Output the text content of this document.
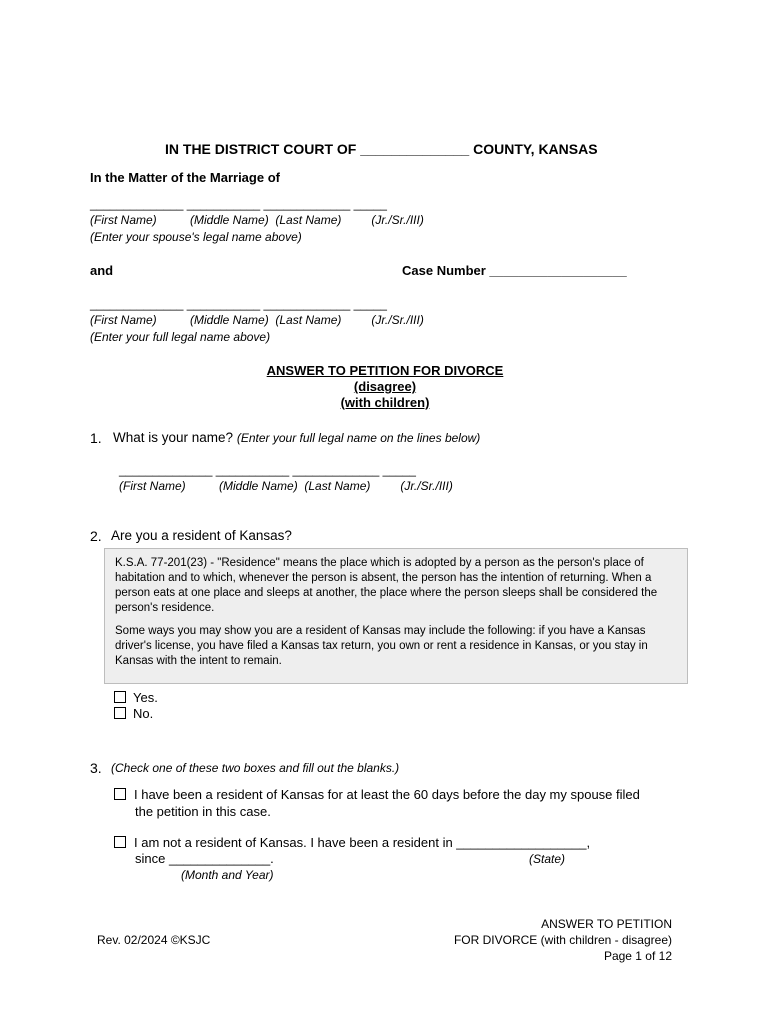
IN THE DISTRICT COURT OF ______________ COUNTY, KANSAS
In the Matter of the Marriage of
______________ ___________ _____________ _____
(First Name)          (Middle Name)  (Last Name)         (Jr./Sr./III)
(Enter your spouse's legal name above)
and	Case Number ___________________
______________ ___________ _____________ _____
(First Name)          (Middle Name)  (Last Name)         (Jr./Sr./III)
(Enter your full legal name above)
ANSWER TO PETITION FOR DIVORCE
(disagree)
(with children)
1. What is your name? (Enter your full legal name on the lines below)
______________ ___________ _____________ _____
(First Name)          (Middle Name)  (Last Name)         (Jr./Sr./III)
2. Are you a resident of Kansas?

K.S.A. 77-201(23) - "Residence" means the place which is adopted by a person as the person's place of habitation and to which, whenever the person is absent, the person has the intention of returning. When a person eats at one place and sleeps at another, the place where the person sleeps shall be considered the person's residence.

Some ways you may show you are a resident of Kansas may include the following: if you have a Kansas driver's license, you have filed a Kansas tax return, you own or rent a residence in Kansas, or you stay in Kansas with the intent to remain.

Yes.
No.
3. (Check one of these two boxes and fill out the blanks.)
I have been a resident of Kansas for at least the 60 days before the day my spouse filed
the petition in this case.
I am not a resident of Kansas. I have been a resident in __________________,
since ______________.	(State)
(Month and Year)
Rev. 02/2024 ©KSJC
ANSWER TO PETITION
FOR DIVORCE (with children - disagree)
Page 1 of 12
